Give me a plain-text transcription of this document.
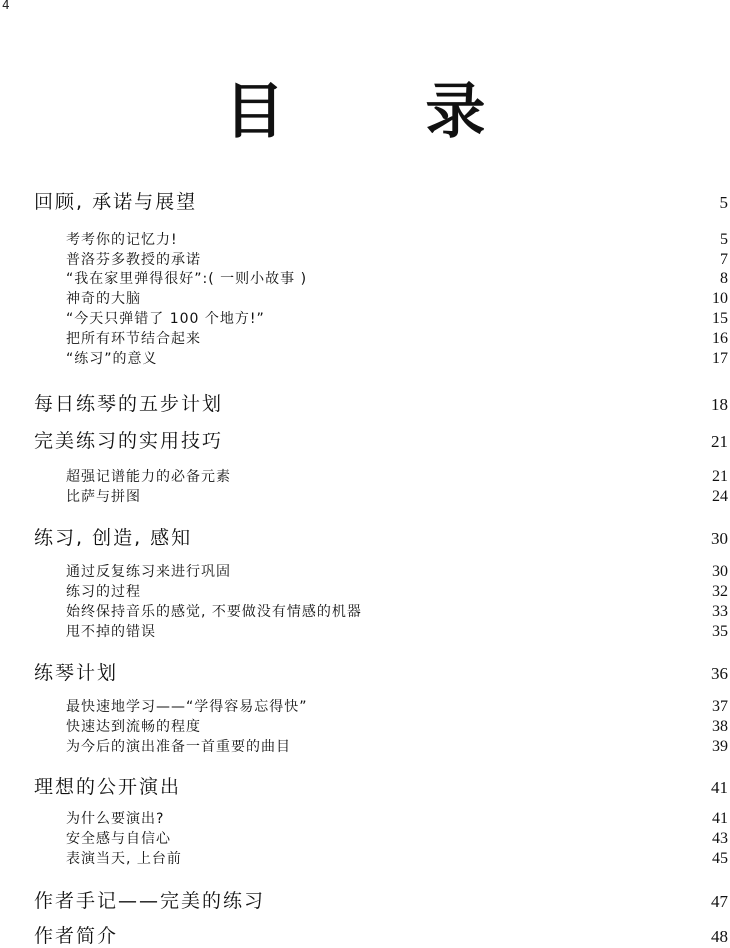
4
目 录
回顾, 承诺与展望	5
考考你的记忆力!	5
普洛芬多教授的承诺	7
“我在家里弹得很好”:( 一则小故事 )	8
神奇的大脑	10
“今天只弹错了 100 个地方!”	15
把所有环节结合起来	16
“练习”的意义	17
每日练琴的五步计划	18
完美练习的实用技巧	21
超强记谱能力的必备元素	21
比萨与拼图	24
练习, 创造, 感知	30
通过反复练习来进行巩固	30
练习的过程	32
始终保持音乐的感觉, 不要做没有情感的机器	33
甩不掉的错误	35
练琴计划	36
最快速地学习——“学得容易忘得快”	37
快速达到流畅的程度	38
为今后的演出准备一首重要的曲目	39
理想的公开演出	41
为什么要演出?	41
安全感与自信心	43
表演当天, 上台前	45
作者手记——完美的练习	47
作者简介	48
